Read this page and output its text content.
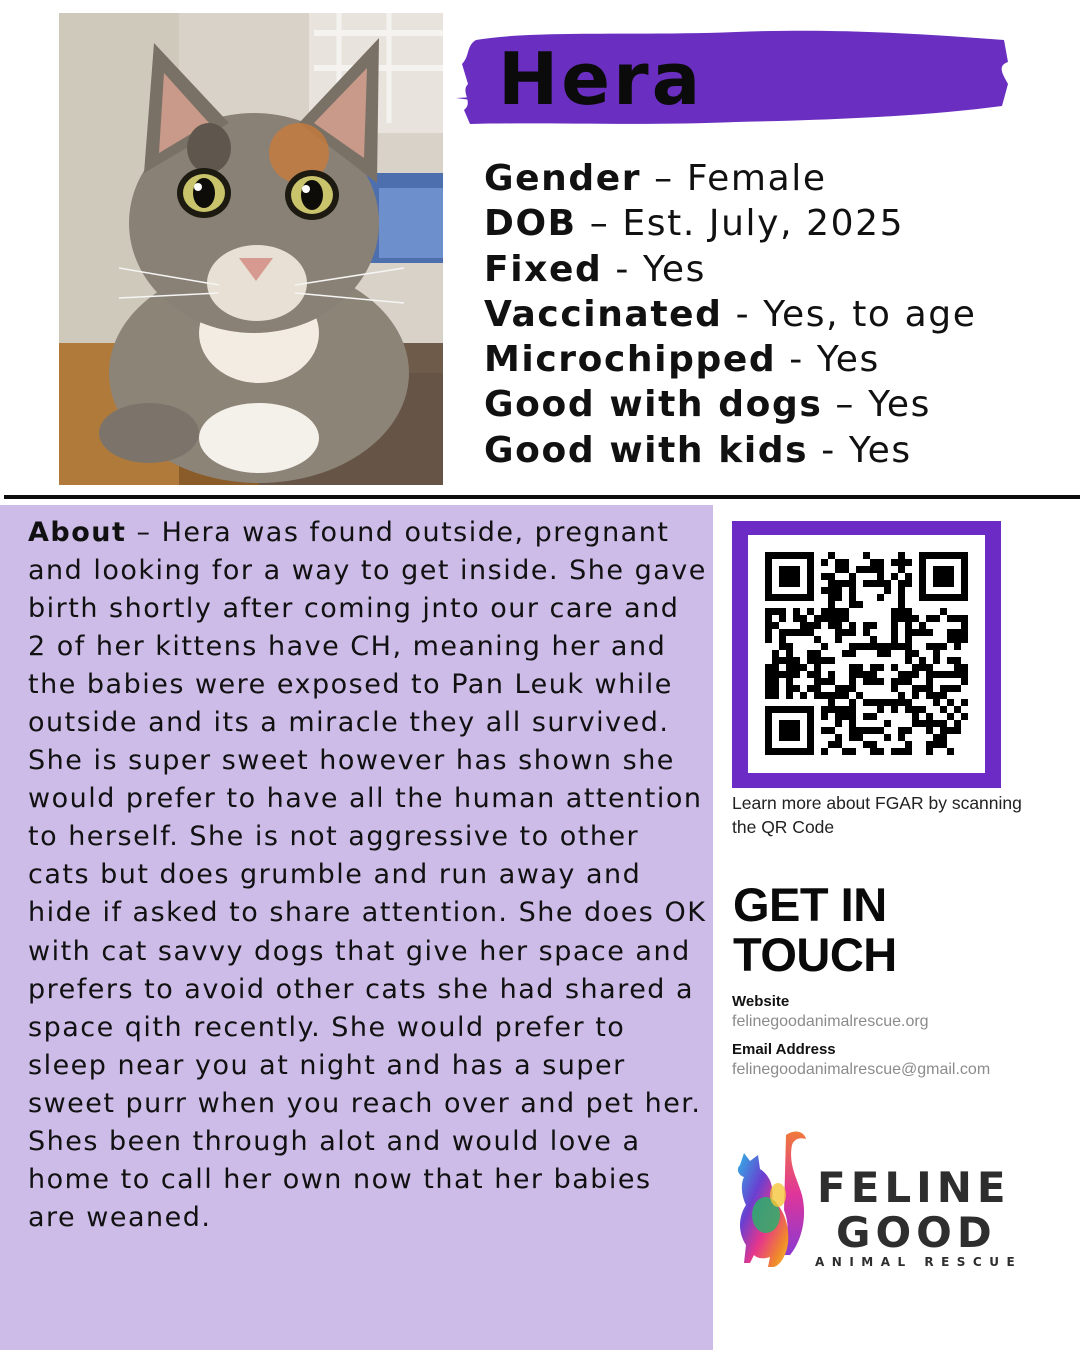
Hera
Gender – Female
DOB – Est. July, 2025
Fixed - Yes
Vaccinated - Yes, to age
Microchipped - Yes
Good with dogs – Yes
Good with kids - Yes

About – Hera was found outside, pregnant and looking for a way to get inside. She gave birth shortly after coming jnto our care and 2 of her kittens have CH, meaning her and the babies were exposed to Pan Leuk while outside and its a miracle they all survived. She is super sweet however has shown she would prefer to have all the human attention to herself. She is not aggressive to other cats but does grumble and run away and hide if asked to share attention. She does OK with cat savvy dogs that give her space and prefers to avoid other cats she had shared a space qith recently. She would prefer to sleep near you at night and has a super sweet purr when you reach over and pet her. Shes been through alot and would love a home to call her own now that her babies are weaned.

Learn more about FGAR by scanning the QR Code
GET IN
TOUCH
Website
felinegoodanimalrescue.org
Email Address
felinegoodanimalrescue@gmail.com
FELINE
GOOD
ANIMAL RESCUE
